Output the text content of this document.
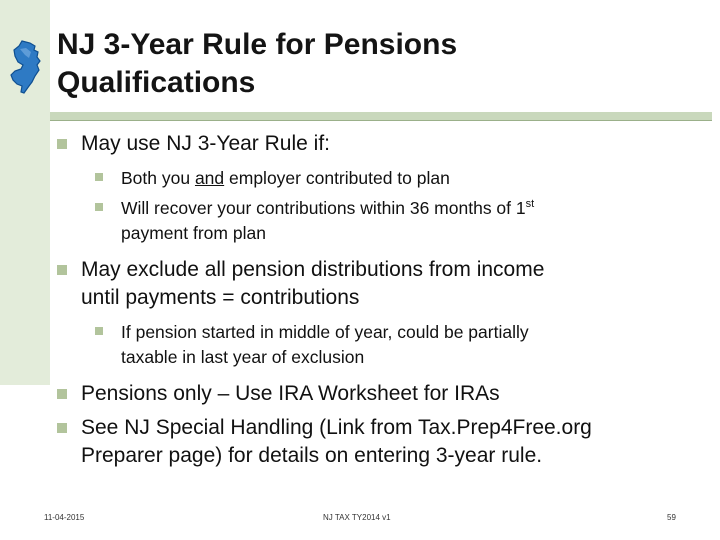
NJ 3-Year Rule for Pensions
Qualifications
May use NJ 3-Year Rule if:
Both you and employer contributed to plan
Will recover your contributions within 36 months of 1st
payment from plan
May exclude all pension distributions from income
until payments = contributions
If pension started in middle of year, could be partially
taxable in last year of exclusion
Pensions only – Use IRA Worksheet for IRAs
See NJ Special Handling (Link from Tax.Prep4Free.org
Preparer page) for details on entering 3-year rule.
11-04-2015	NJ TAX TY2014 v1	59
